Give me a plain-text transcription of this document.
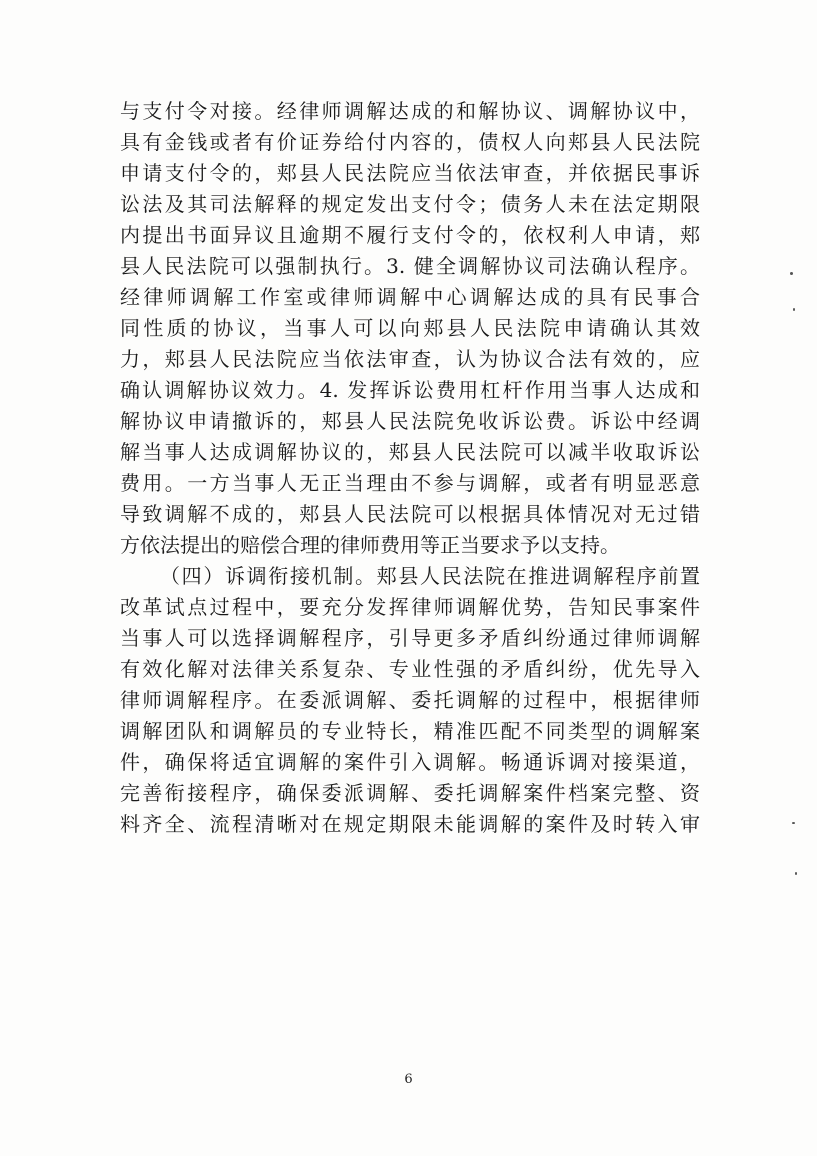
与支付令对接。经律师调解达成的和解协议、调解协议中，
具有金钱或者有价证券给付内容的，债权人向郏县人民法院
申请支付令的，郏县人民法院应当依法审查，并依据民事诉
讼法及其司法解释的规定发出支付令；债务人未在法定期限
内提出书面异议且逾期不履行支付令的，依权利人申请，郏
县人民法院可以强制执行。3. 健全调解协议司法确认程序。
经律师调解工作室或律师调解中心调解达成的具有民事合
同性质的协议，当事人可以向郏县人民法院申请确认其效
力，郏县人民法院应当依法审查，认为协议合法有效的，应
确认调解协议效力。4. 发挥诉讼费用杠杆作用当事人达成和
解协议申请撤诉的，郏县人民法院免收诉讼费。诉讼中经调
解当事人达成调解协议的，郏县人民法院可以减半收取诉讼
费用。一方当事人无正当理由不参与调解，或者有明显恶意
导致调解不成的，郏县人民法院可以根据具体情况对无过错
方依法提出的赔偿合理的律师费用等正当要求予以支持。
（四）诉调衔接机制。郏县人民法院在推进调解程序前置
改革试点过程中，要充分发挥律师调解优势，告知民事案件
当事人可以选择调解程序，引导更多矛盾纠纷通过律师调解
有效化解对法律关系复杂、专业性强的矛盾纠纷，优先导入
律师调解程序。在委派调解、委托调解的过程中，根据律师
调解团队和调解员的专业特长，精准匹配不同类型的调解案
件，确保将适宜调解的案件引入调解。畅通诉调对接渠道，
完善衔接程序，确保委派调解、委托调解案件档案完整、资
料齐全、流程清晰对在规定期限未能调解的案件及时转入审
6
